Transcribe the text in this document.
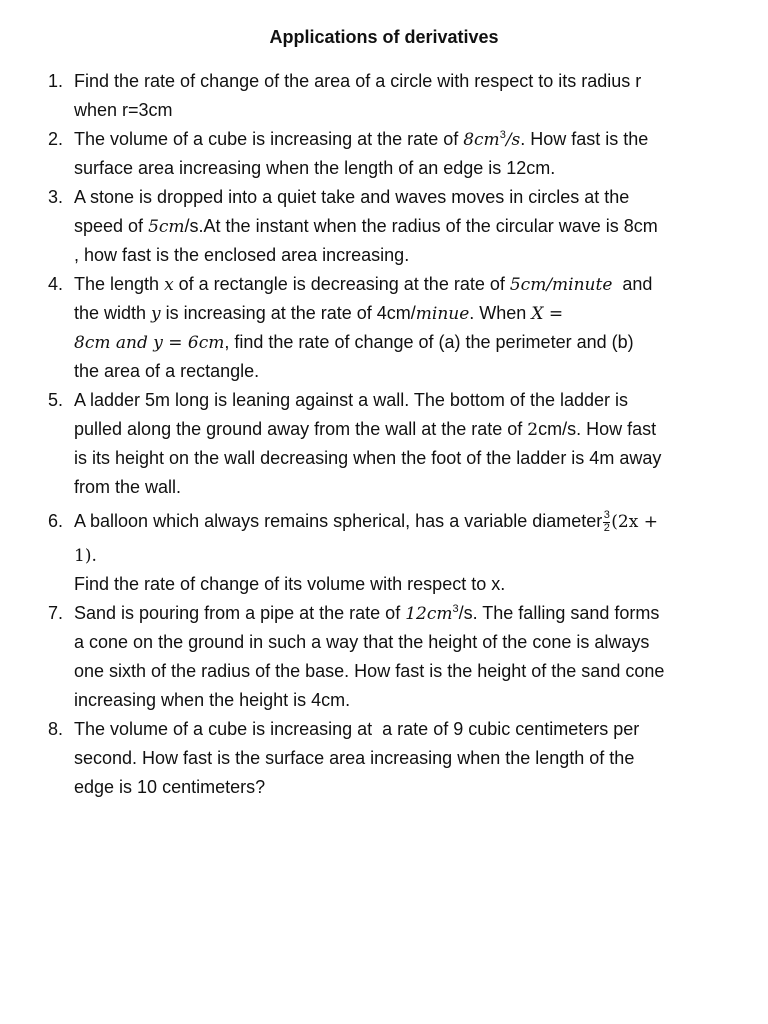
Applications of derivatives
1. Find the rate of change of the area of a circle with respect to its radius r
when r=3cm
2. The volume of a cube is increasing at the rate of $8cm^3/s$. How fast is the
surface area increasing when the length of an edge is 12cm.
3. A stone is dropped into a quiet take and waves moves in circles at the
speed of 5cm/s.At the instant when the radius of the circular wave is 8cm
, how fast is the enclosed area increasing.
4. The length x of a rectangle is decreasing at the rate of 5cm/minute  and
the width y is increasing at the rate of 4cm/minue. When X =
8cm and y = 6cm, find the rate of change of (a) the perimeter and (b)
the area of a rectangle.
5. A ladder 5m long is leaning against a wall. The bottom of the ladder is
pulled along the ground away from the wall at the rate of 2cm/s. How fast
is its height on the wall decreasing when the foot of the ladder is 4m away
from the wall.
6. A balloon which always remains spherical, has a variable diameter $\frac{3}{2} (2x$ +
1).
Find the rate of change of its volume with respect to x.
7. Sand is pouring from a pipe at the rate of $12cm^3/s$. The falling sand forms
a cone on the ground in such a way that the height of the cone is always
one sixth of the radius of the base. How fast is the height of the sand cone
increasing when the height is 4cm.
8. The volume of a cube is increasing at  a rate of 9 cubic centimeters per
second. How fast is the surface area increasing when the length of the
edge is 10 centimeters?
